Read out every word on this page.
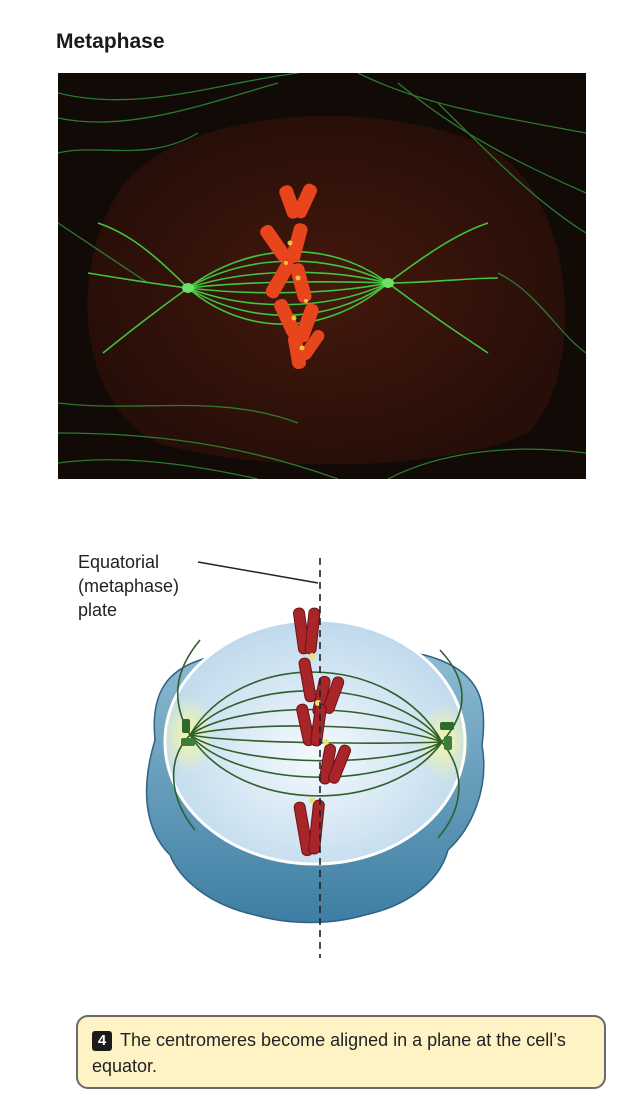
Metaphase
Equatorial
(metaphase)
plate
4 The centromeres become aligned in a plane at the cell’s equator.
